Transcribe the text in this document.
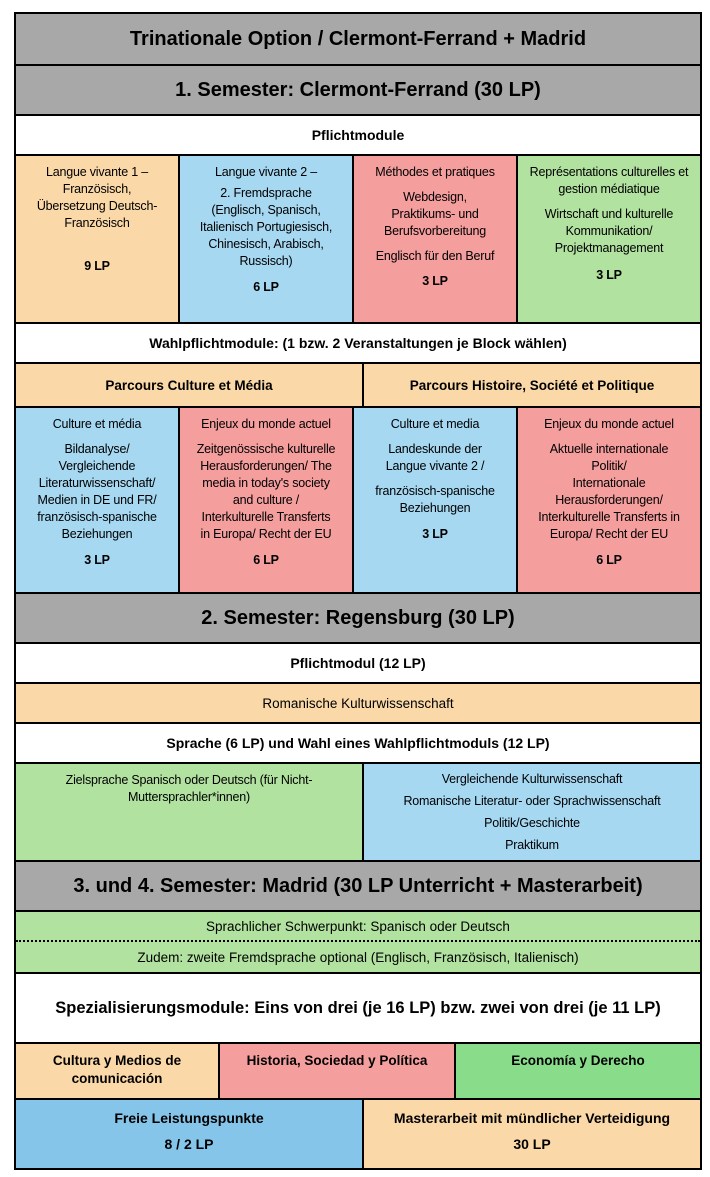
Trinationale Option / Clermont-Ferrand + Madrid
1. Semester: Clermont-Ferrand (30 LP)
Pflichtmodule

Langue vivante 1 –

Französisch,

Übersetzung Deutsch-

Französisch

9 LP

Langue vivante 2 –

2. Fremdsprache

(Englisch, Spanisch,

Italienisch Portugiesisch,

Chinesisch, Arabisch,

Russisch)

6 LP

Méthodes et pratiques

Webdesign,

Praktikums- und

Berufsvorbereitung

Englisch für den Beruf

3 LP

Représentations culturelles et gestion médiatique

Wirtschaft und kulturelle

Kommunikation/

Projektmanagement

3 LP

Wahlpflichtmodule: (1 bzw. 2 Veranstaltungen je Block wählen)
Parcours Culture et Média	Parcours Histoire, Société et Politique

Culture et média

Bildanalyse/

Vergleichende

Literaturwissenschaft/

Medien in DE und FR/

französisch-spanische

Beziehungen

3 LP

Enjeux du monde actuel

Zeitgenössische kulturelle

Herausforderungen/ The

media in today's society

and culture /

Interkulturelle Transferts

in Europa/ Recht der EU

6 LP

Culture et media

Landeskunde der

Langue vivante 2 /

französisch-spanische

Beziehungen

3 LP

Enjeux du monde actuel

Aktuelle internationale

Politik/

Internationale

Herausforderungen/

Interkulturelle Transferts in

Europa/ Recht der EU

6 LP

2. Semester: Regensburg (30 LP)
Pflichtmodul (12 LP)
Romanische Kulturwissenschaft
Sprache (6 LP) und Wahl eines Wahlpflichtmoduls (12 LP)

Zielsprache Spanisch oder Deutsch (für Nicht-

Muttersprachler*innen)

Vergleichende Kulturwissenschaft

Romanische Literatur- oder Sprachwissenschaft

Politik/Geschichte

Praktikum

3. und 4. Semester: Madrid (30 LP Unterricht + Masterarbeit)
Sprachlicher Schwerpunkt: Spanisch oder Deutsch
Zudem: zweite Fremdsprache optional (Englisch, Französisch, Italienisch)
Spezialisierungsmodule: Eins von drei (je 16 LP) bzw. zwei von drei (je 11 LP)
Cultura y Medios de comunicación
Historia, Sociedad y Política	Economía y Derecho

Freie Leistungspunkte

8 / 2 LP

Masterarbeit mit mündlicher Verteidigung

30 LP
